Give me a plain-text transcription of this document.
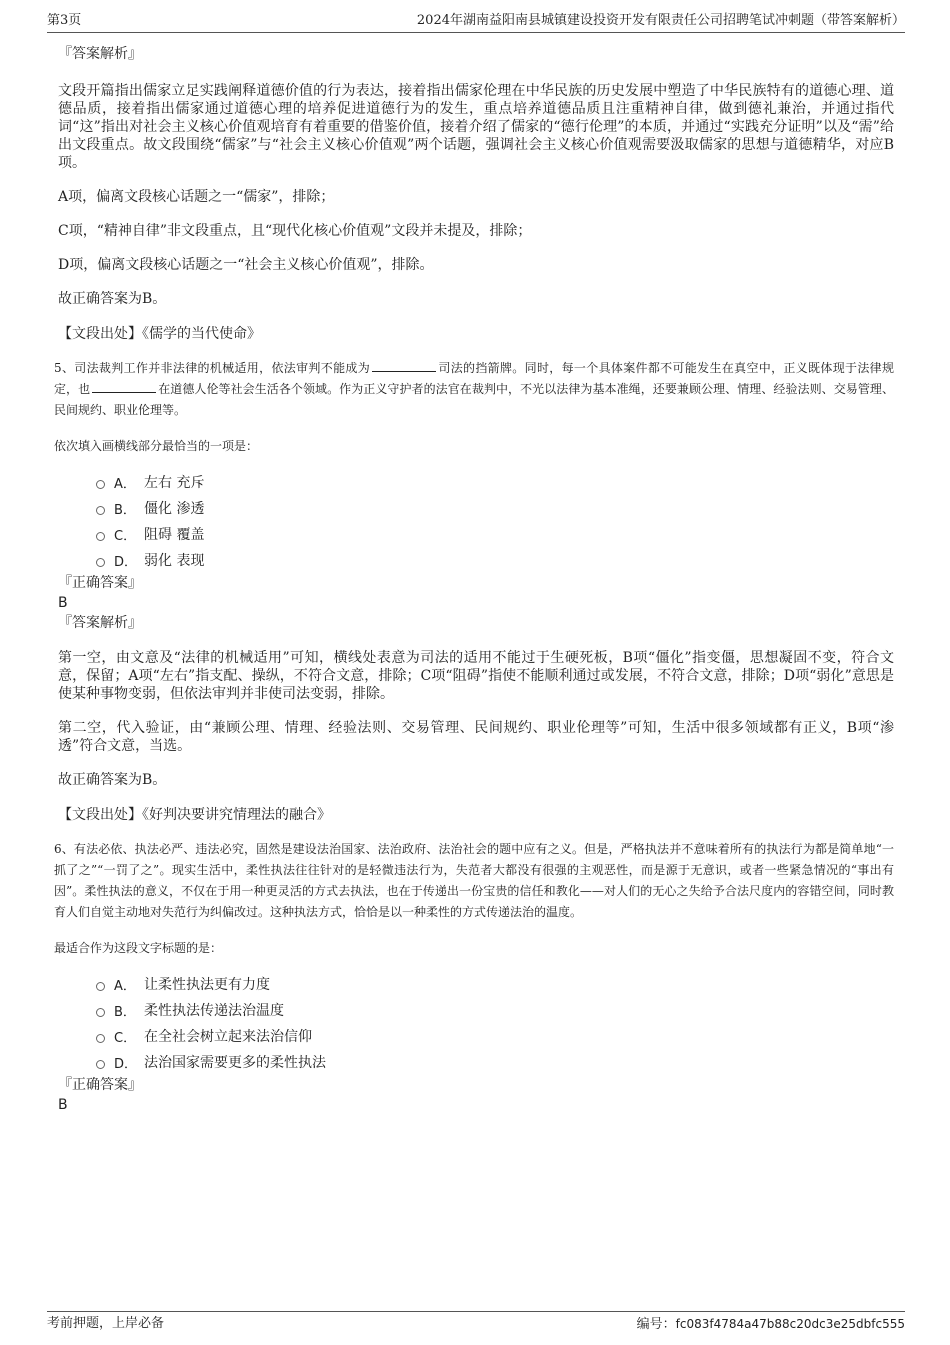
第3页	2024年湖南益阳南县城镇建设投资开发有限责任公司招聘笔试冲刺题（带答案解析）

『答案解析』

文段开篇指出儒家立足实践阐释道德价值的行为表达，接着指出儒家伦理在中华民族的历史发展中塑造了中华民族特有的道德心理、道德品质，接着指出儒家通过道德心理的培养促进道德行为的发生，重点培养道德品质且注重精神自律，做到德礼兼治，并通过指代词“这”指出对社会主义核心价值观培育有着重要的借鉴价值，接着介绍了儒家的“德行伦理”的本质，并通过“实践充分证明”以及“需”给出文段重点。故文段围绕“儒家”与“社会主义核心价值观”两个话题，强调社会主义核心价值观需要汲取儒家的思想与道德精华，对应B项。

A项，偏离文段核心话题之一“儒家”，排除；

C项，“精神自律”非文段重点，且“现代化核心价值观”文段并未提及，排除；

D项，偏离文段核心话题之一“社会主义核心价值观”，排除。

故正确答案为B。

【文段出处】《儒学的当代使命》

5、司法裁判工作并非法律的机械适用，依法审判不能成为	司法的挡箭牌。同时，每一个具体案件都不可能发生在真空中，正义既体现于法律规定，也	在道德人伦等社会生活各个领域。作为正义守护者的法官在裁判中，不光以法律为基本准绳，还要兼顾公理、情理、经验法则、交易管理、民间规约、职业伦理等。

依次填入画横线部分最恰当的一项是：

A． 左右 充斥
B． 僵化 渗透
C． 阻碍 覆盖
D． 弱化 表现

『正确答案』

B

『答案解析』

第一空，由文意及“法律的机械适用”可知，横线处表意为司法的适用不能过于生硬死板，B项“僵化”指变僵，思想凝固不变，符合文意，保留；A项“左右”指支配、操纵，不符合文意，排除；C项“阻碍”指使不能顺利通过或发展，不符合文意，排除；D项“弱化”意思是使某种事物变弱，但依法审判并非使司法变弱，排除。

第二空，代入验证，由“兼顾公理、情理、经验法则、交易管理、民间规约、职业伦理等”可知，生活中很多领域都有正义，B项“渗透”符合文意，当选。

故正确答案为B。

【文段出处】《好判决要讲究情理法的融合》

6、有法必依、执法必严、违法必究，固然是建设法治国家、法治政府、法治社会的题中应有之义。但是，严格执法并不意味着所有的执法行为都是简单地“一抓了之”“一罚了之”。现实生活中，柔性执法往往针对的是轻微违法行为，失范者大都没有很强的主观恶性，而是源于无意识，或者一些紧急情况的“事出有因”。柔性执法的意义，不仅在于用一种更灵活的方式去执法，也在于传递出一份宝贵的信任和教化——对人们的无心之失给予合法尺度内的容错空间，同时教育人们自觉主动地对失范行为纠偏改过。这种执法方式，恰恰是以一种柔性的方式传递法治的温度。

最适合作为这段文字标题的是：

A． 让柔性执法更有力度
B． 柔性执法传递法治温度
C． 在全社会树立起来法治信仰
D． 法治国家需要更多的柔性执法

『正确答案』

B

考前押题，上岸必备	编号：fc083f4784a47b88c20dc3e25dbfc555
